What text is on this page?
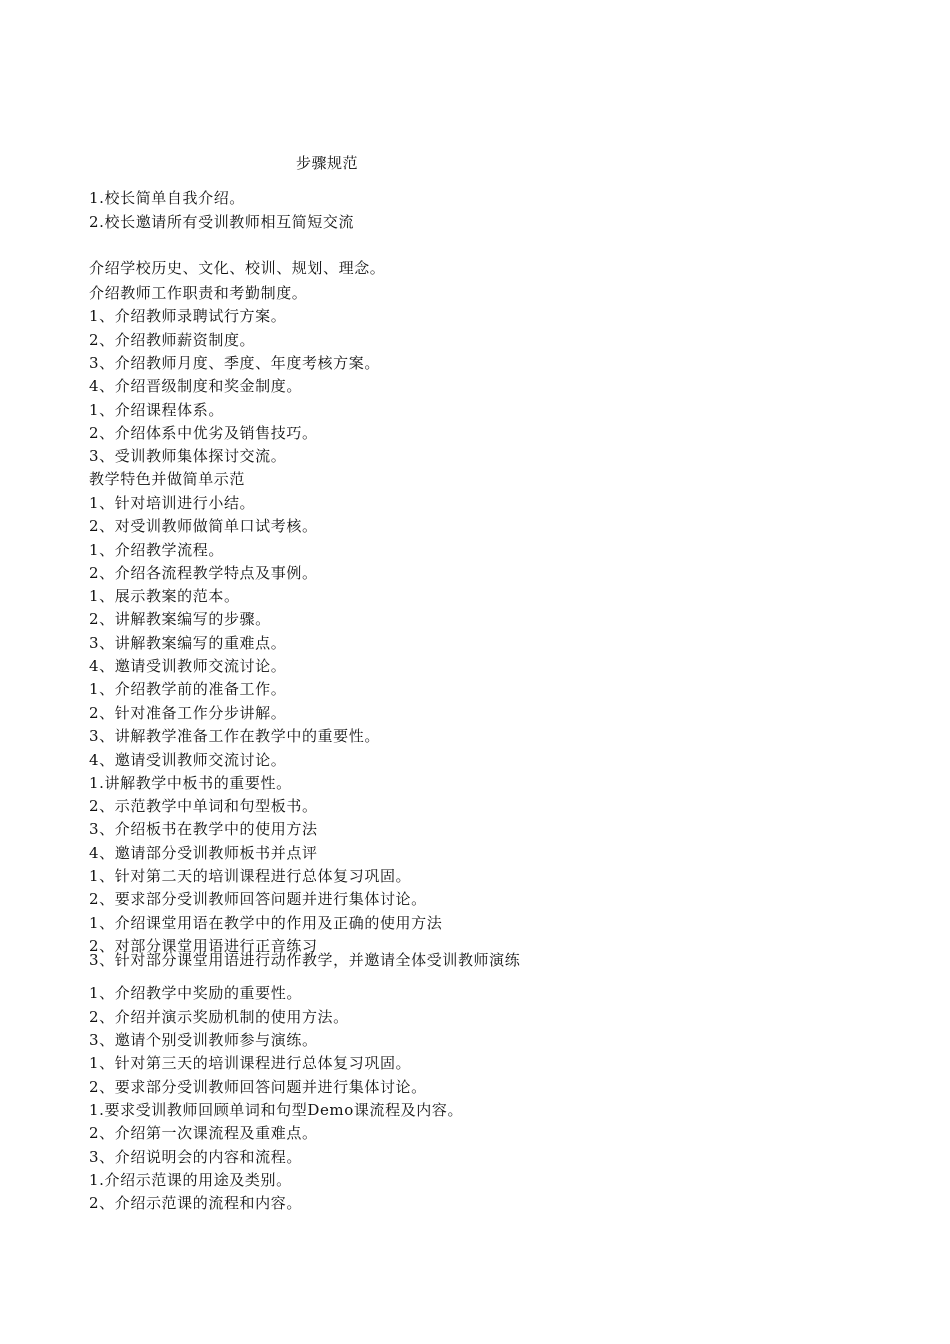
步骤规范
1.校长简单自我介绍。
2.校长邀请所有受训教师相互简短交流
介绍学校历史、文化、校训、规划、理念。
介绍教师工作职责和考勤制度。
1、介绍教师录聘试行方案。
2、介绍教师薪资制度。
3、介绍教师月度、季度、年度考核方案。
4、介绍晋级制度和奖金制度。
1、介绍课程体系。
2、介绍体系中优劣及销售技巧。
3、受训教师集体探讨交流。
教学特色并做简单示范
1、针对培训进行小结。
2、对受训教师做简单口试考核。
1、介绍教学流程。
2、介绍各流程教学特点及事例。
1、展示教案的范本。
2、讲解教案编写的步骤。
3、讲解教案编写的重难点。
4、邀请受训教师交流讨论。
1、介绍教学前的准备工作。
2、针对准备工作分步讲解。
3、讲解教学准备工作在教学中的重要性。
4、邀请受训教师交流讨论。
1.讲解教学中板书的重要性。
2、示范教学中单词和句型板书。
3、介绍板书在教学中的使用方法
4、邀请部分受训教师板书并点评
1、针对第二天的培训课程进行总体复习巩固。
2、要求部分受训教师回答问题并进行集体讨论。
1、介绍课堂用语在教学中的作用及正确的使用方法
2、对部分课堂用语进行正音练习
3、针对部分课堂用语进行动作教学，并邀请全体受训教师演练
1、介绍教学中奖励的重要性。
2、介绍并演示奖励机制的使用方法。
3、邀请个别受训教师参与演练。
1、针对第三天的培训课程进行总体复习巩固。
2、要求部分受训教师回答问题并进行集体讨论。
1.要求受训教师回顾单词和句型Demo课流程及内容。
2、介绍第一次课流程及重难点。
3、介绍说明会的内容和流程。
1.介绍示范课的用途及类别。
2、介绍示范课的流程和内容。
